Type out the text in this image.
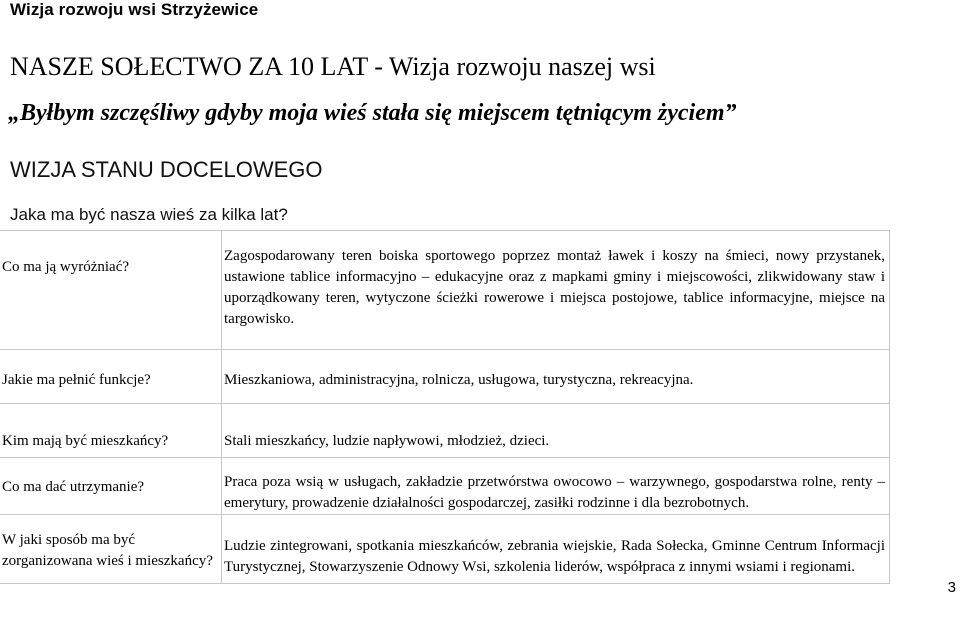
Wizja rozwoju wsi Strzyżewice
NASZE SOŁECTWO ZA 10 LAT - Wizja rozwoju naszej wsi
„Byłbym szczęśliwy gdyby moja wieś stała się miejscem tętniącym życiem”
WIZJA STANU DOCELOWEGO
Jaka ma być nasza wieś za kilka lat?
Co ma ją wyróżniać?	Zagospodarowany teren boiska sportowego poprzez montaż ławek i koszy na śmieci, nowy przystanek, ustawione tablice informacyjno – edukacyjne oraz z mapkami gminy i miejscowości, zlikwidowany staw i uporządkowany teren, wytyczone ścieżki rowerowe i miejsca postojowe, tablice informacyjne, miejsce na targowisko.

Jakie ma pełnić funkcje?	Mieszkaniowa, administracyjna, rolnicza, usługowa, turystyczna, rekreacyjna.

Kim mają być mieszkańcy?	Stali mieszkańcy, ludzie napływowi, młodzież, dzieci.

Co ma dać utrzymanie?	Praca poza wsią w usługach, zakładzie przetwórstwa owocowo – warzywnego, gospodarstwa rolne, renty – emerytury, prowadzenie działalności gospodarczej, zasiłki rodzinne i dla bezrobotnych.

W jaki sposób ma być zorganizowana wieś i mieszkańcy?	Ludzie zintegrowani, spotkania mieszkańców, zebrania wiejskie, Rada Sołecka, Gminne Centrum Informacji Turystycznej, Stowarzyszenie Odnowy Wsi, szkolenia liderów, współpraca z innymi wsiami i regionami.
3
